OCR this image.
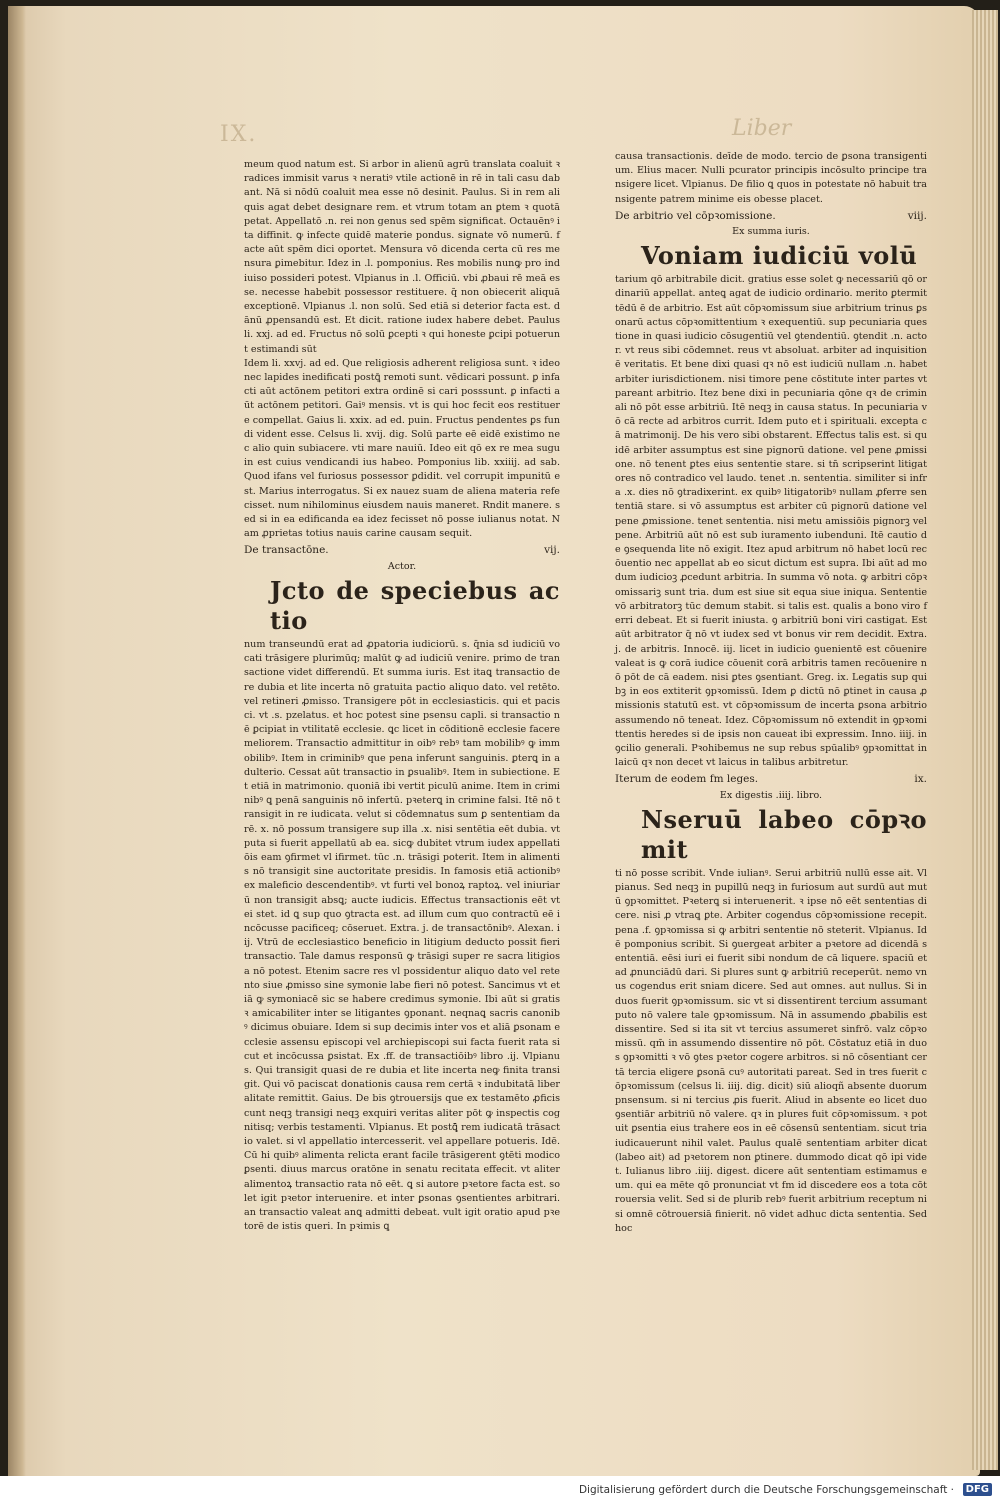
IX.	Liber

meum quod natum est. Si arbor in alienū agrū translata coaluit ꝛ radices immisit varus ꝛ neratiꝰ vtile actionē in rē in tali casu dabant. Nā si nōdū coaluit mea esse nō desinit. Paulus. Si in rem aliquis agat debet designare rem. et vtrum totam an ꝑtem ꝛ quotā petat. Appellatō .n. rei non genus sed spēm significat. Octauēnꝰ ita diffinit. ꝙ infecte quidē materie pondus. signate vō numerū. facte aūt spēm dici oportet. Mensura vō dicenda certa cū res mensura ꝑimebitur. Idez in .l. pomponius. Res mobilis nunꝙ pro indiuiso possideri potest. Vlpianus in .l. Officiū. vbi ꝓbaui rē meā esse. necesse habebit possessor restituere. q̄ non obiecerit aliquā exceptionē. Vlpianus .l. non solū. Sed etiā si deterior facta est. dānū ꝓpensandū est. Et dicit. ratione iudex habere debet. Paulus li. xxj. ad ed. Fructus nō solū ꝑcepti ꝛ qui honeste ꝑcipi potuerunt estimandi sūt

Idem li. xxvj. ad ed. Que religiosis adherent religiosa sunt. ꝛ ideo nec lapides inedificati postꝗ̄ remoti sunt. vēdicari possunt. ꝑ infacti aūt actōnem petitori extra ordinē si cari posssunt. ꝑ infacti aūt actōnem petitori. Gaiꝰ mensis. vt is qui hoc fecit eos restituere compellat. Gaius li. xxix. ad ed. puin. Fructus pendentes ꝑs fundi vident esse. Celsus li. xvij. dig. Solū parte eē eidē existimo nec alio quin subiacere. vti mare nauiū. Ideo eit qō ex re mea suguin est cuius vendicandi ius habeo. Pomponius lib. xxiiij. ad sab. Quod ifans vel furiosus possessor ꝑdidit. vel corrupit impunitū est. Marius interrogatus. Si ex nauez suam de aliena materia refecisset. num nihilominus eiusdem nauis maneret. Rndit manere. sed si in ea edificanda ea idez fecisset nō posse iulianus notat. Nam ꝓprietas totius nauis carine causam sequit.

De transactōne.	vij.

Actor.

Jcto de speciebus actio

num transeundū erat ad ꝓpatoria iudiciorū. s. q̄nia sd iudiciū vocati trāsigere plurimūq; malūt ꝙ ad iudiciū venire. primo de transactione videt differendū. Et summa iuris. Est itaꝗ transactio de re dubia et lite incerta nō gratuita pactio aliquo dato. vel retēto. vel retineri ꝓmisso. Transigere pōt in ecclesiasticis. qui et pacisci. vt .s. pzelatus. et hoc potest sine psensu capli. si transactio nē ꝑcipiat in vtilitatē ecclesie. ꝗc licet in cōditionē ecclesie facere meliorem. Transactio admittitur in oibꝰ rebꝰ tam mobilibꝰ ꝙ immobilibꝰ. Item in criminibꝰ que pena inferunt sanguinis. ꝑterꝗ in adulterio. Cessat aūt transactio in ꝑsualibꝰ. Item in subiectione. Et etiā in matrimonio. quoniā ibi vertit piculū anime. Item in criminibꝰ ꝗ penā sanguinis nō infertū. pꝛeterꝗ in crimine falsi. Itē nō transigit in re iudicata. velut si cōdemnatus sum ꝑ sententiam darē. x. nō possum transigere sup illa .x. nisi sentētia eēt dubia. vt puta si fuerit appellatū ab ea. sicꝙ dubitet vtrum iudex appellatiōis eam ꝯfirmet vl ifirmet. tūc .n. trāsigi poterit. Item in alimentis nō transigit sine auctoritate presidis. In famosis etiā actionibꝰ ex maleficio descendentibꝰ. vt furti vel bonoꝝ raptoꝝ. vel iniuriarū non transigit absꝗ; aucte iudicis. Effectus transactionis eēt vt ei stet. id ꝗ sup quo ꝯtracta est. ad illum cum quo contractū eē incōcusse pacificeq; cōseruet. Extra. j. de transactōnibꝰ. Alexan. iij. Vtrū de ecclesiastico beneficio in litigium deducto possit fieri transactio. Tale damus responsū ꝙ trāsigi super re sacra litigiosa nō potest. Etenim sacre res vl possidentur aliquo dato vel retento siue ꝓmisso sine symonie labe fieri nō potest. Sancimus vt etiā ꝙ symoniacē sic se habere credimus symonie. Ibi aūt si gratis ꝛ amicabiliter inter se litigantes ꝯponant. neqnaꝗ sacris canonibꝰ dicimus obuiare. Idem si sup decimis inter vos et aliā ꝑsonam ecclesie assensu episcopi vel archiepiscopi sui facta fuerit rata sicut et incōcussa ꝑsistat. Ex .ff. de transactiōibꝰ libro .ij. Vlpianus. Qui transigit quasi de re dubia et lite incerta neꝙ finita transigit. Qui vō paciscat donationis causa rem certā ꝛ indubitatā liberalitate remittit. Gaius. De bis ꝯtrouersijs que ex testamēto ꝓficiscunt neqꝫ transigi neqꝫ exquiri veritas aliter pōt ꝙ inspectis cognitisq; verbis testamenti. Vlpianus. Et postꝗ̄ rem iudicatā trāsactio valet. si vl appellatio intercesserit. vel appellare potueris. Idē. Cū hi quibꝰ alimenta relicta erant facile trāsigerent ꝯtēti modico ꝑsenti. diuus marcus oratōne in senatu recitata effecit. vt aliter alimentoꝝ transactio rata nō eēt. ꝗ si autore pꝛetore facta est. solet igit pꝛetor interuenire. et inter ꝑsonas ꝯsentientes arbitrari. an transactio valeat anꝗ admitti debeat. vult igit oratio apud pꝛetorē de istis queri. In pꝛimis ꝗ

causa transactionis. deīde de modo. tercio de ꝑsona transigentium. Elius macer. Nulli pcurator principis incōsulto principe transigere licet. Vlpianus. De filio ꝗ quos in potestate nō habuit transigente patrem minime eis obesse placet.

De arbitrio vel cōpꝛomissione.	viij.

Ex summa iuris.

Voniam iudiciū volū

tarium qō arbitrabile dicit. gratius esse solet ꝙ necessariū qō ordinariū appellat. anteꝗ agat de iudicio ordinario. merito ꝑtermittēdū ē de arbitrio. Est aūt cōpꝛomissum siue arbitrium trinus ꝑsonarū actus cōpꝛomittentium ꝛ exequentiū. sup pecuniaria questione in quasi iudicio cōsugentiū vel ꝯtendentiū. ꝯtendit .n. actor. vt reus sibi cōdemnet. reus vt absoluat. arbiter ad inquisitionē veritatis. Et bene dixi quasi qꝛ nō est iudiciū nullam .n. habet arbiter iurisdictionem. nisi timore pene cōstitute inter partes vt pareant arbitrio. Itez bene dixi in pecuniaria qōne qꝛ de criminali nō pōt esse arbitriū. Itē neqꝫ in causa status. In pecuniaria vō cā recte ad arbitros currit. Idem puto et i spirituali. excepta cā matrimonij. De his vero sibi obstarent. Effectus talis est. si quidē arbiter assumptus est sine pignorū datione. vel pene ꝓmissione. nō tenent ꝑtes eius sententie stare. si tn̄ scripserint litigatores nō contradico vel laudo. tenet .n. sententia. similiter si infra .x. dies nō ꝯtradixerint. ex quibꝰ litigatoribꝰ nullam ꝓferre sententiā stare. si vō assumptus est arbiter cū pignorū datione vel pene ꝓmissione. tenet sententia. nisi metu amissiōis pignorꝫ vel pene. Arbitriū aūt nō est sub iuramento iubenduni. Itē cautio de ꝯsequenda lite nō exigit. Itez apud arbitrum nō habet locū recōuentio nec appellat ab eo sicut dictum est supra. Ibi aūt ad modum iudicioꝫ ꝓcedunt arbitria. In summa vō nota. ꝙ arbitri cōpꝛomissariꝫ sunt tria. dum est siue sit equa siue iniqua. Sententie vō arbitratorꝫ tūc demum stabit. si talis est. qualis a bono viro ferri debeat. Et si fuerit iniusta. ꝯ arbitriū boni viri castigat. Est aūt arbitrator q̄ nō vt iudex sed vt bonus vir rem decidit. Extra. j. de arbitris. Innocē. iij. licet in iudicio ꝯuenientē est cōuenire valeat is ꝙ corā iudice cōuenit corā arbitris tamen recōuenire nō pōt de cā eadem. nisi ꝑtes ꝯsentiant. Greg. ix. Legatis sup quibꝫ in eos extiterit ꝯpꝛomissū. Idem ꝑ dictū nō ꝑtinet in causa ꝓmissionis statutū est. vt cōpꝛomissum de incerta ꝑsona arbitrio assumendo nō teneat. Idez. Cōpꝛomissum nō extendit in ꝯpꝛomittentis heredes si de ipsis non caueat ibi expressim. Inno. iiij. in ꝯcilio generali. Pꝛohibemus ne sup rebus spūalibꝰ ꝯpꝛomittat in laicū qꝛ non decet vt laicus in talibus arbitretur.

Iterum de eodem fm leges.	ix.

Ex digestis .iiij. libro.

Nseruū labeo cōpꝛomit

ti nō posse scribit. Vnde iulianꝰ. Serui arbitriū nullū esse ait. Vlpianus. Sed neqꝫ in pupillū neqꝫ in furiosum aut surdū aut mutū ꝯpꝛomittet. Pꝛeterꝗ si interuenerit. ꝛ ipse nō eēt sententias dicere. nisi ꝓ vtraꝗ ꝑte. Arbiter cogendus cōpꝛomissione recepit. pena .f. ꝯpꝛomissa si ꝙ arbitri sententie nō steterit. Vlpianus. Idē pomponius scribit. Si ꝯuergeat arbiter a pꝛetore ad dicendā sententiā. eēsi iuri ei fuerit sibi nondum de cā liquere. spaciū et ad ꝓnunciādū dari. Si plures sunt ꝙ arbitriū receperūt. nemo vnus cogendus erit sniam dicere. Sed aut omnes. aut nullus. Si in duos fuerit ꝯpꝛomissum. sic vt si dissentirent tercium assumant puto nō valere tale ꝯpꝛomissum. Nā in assumendo ꝓbabilis est dissentire. Sed si ita sit vt tercius assumeret sinfrō. valz cōpꝛomissū. qm̄ in assumendo dissentire nō pōt. Cōstatuz etiā in duos ꝯpꝛomitti ꝛ vō ꝯtes pꝛetor cogere arbitros. si nō cōsentiant certā tercia eligere ꝑsonā cuꝰ autoritati pareat. Sed in tres fuerit cōpꝛomissum (celsus li. iiij. dig. dicit) siū alioqñ absente duorum pnsensum. si ni tercius ꝓis fuerit. Aliud in absente eo licet duo ꝯsentiār arbitriū nō valere. qꝛ in plures fuit cōpꝛomissum. ꝛ potuit ꝑsentia eius trahere eos in eē cōsensū sententiam. sicut tria iudicauerunt nihil valet. Paulus qualē sententiam arbiter dicat (labeo ait) ad pꝛetorem non ꝑtinere. dummodo dicat qō ipi videt. Iulianus libro .iiij. digest. dicere aūt sententiam estimamus eum. qui ea mēte qō pronunciat vt fm id discedere eos a tota cōtrouersia velit. Sed si de plurib rebꝰ fuerit arbitrium receptum nisi omnē cōtrouersiā finierit. nō videt adhuc dicta sententia. Sed hoc

Digitalisierung gefördert durch die Deutsche Forschungsgemeinschaft ·	DFG
